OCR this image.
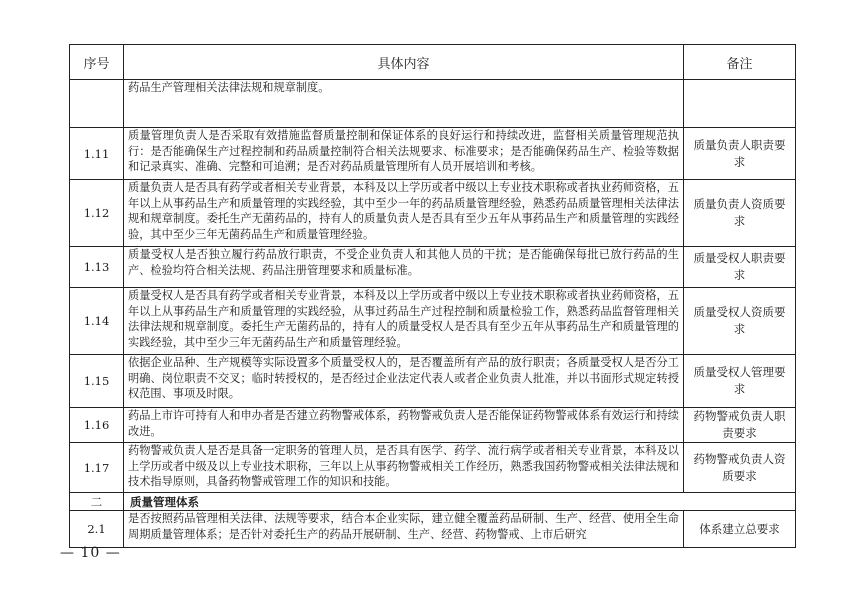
序号	具体内容	备注
	药品生产管理相关法律法规和规章制度。	
1.11	质量管理负责人是否采取有效措施监督质量控制和保证体系的良好运行和持续改进，监督相关质量管理规范执行：是否能确保生产过程控制和药品质量控制符合相关法规要求、标准要求；是否能确保药品生产、检验等数据和记录真实、准确、完整和可追溯；是否对药品质量管理所有人员开展培训和考核。	质量负责人职责要求
1.12	质量负责人是否具有药学或者相关专业背景，本科及以上学历或者中级以上专业技术职称或者执业药师资格，五年以上从事药品生产和质量管理的实践经验，其中至少一年的药品质量管理经验，熟悉药品质量管理相关法律法规和规章制度。委托生产无菌药品的，持有人的质量负责人是否具有至少五年从事药品生产和质量管理的实践经验，其中至少三年无菌药品生产和质量管理经验。	质量负责人资质要求
1.13	质量受权人是否独立履行药品放行职责，不受企业负责人和其他人员的干扰；是否能确保每批已放行药品的生产、检验均符合相关法规、药品注册管理要求和质量标准。	质量受权人职责要求
1.14	质量受权人是否具有药学或者相关专业背景，本科及以上学历或者中级以上专业技术职称或者执业药师资格，五年以上从事药品生产和质量管理的实践经验，从事过药品生产过程控制和质量检验工作，熟悉药品监督管理相关法律法规和规章制度。委托生产无菌药品的，持有人的质量受权人是否具有至少五年从事药品生产和质量管理的实践经验，其中至少三年无菌药品生产和质量管理经验。	质量受权人资质要求
1.15	依据企业品种、生产规模等实际设置多个质量受权人的，是否覆盖所有产品的放行职责；各质量受权人是否分工明确、岗位职责不交叉；临时转授权的，是否经过企业法定代表人或者企业负责人批准，并以书面形式规定转授权范围、事项及时限。	质量受权人管理要求
1.16	药品上市许可持有人和申办者是否建立药物警戒体系，药物警戒负责人是否能保证药物警戒体系有效运行和持续改进。	药物警戒负责人职责要求
1.17	药物警戒负责人是否是具备一定职务的管理人员，是否具有医学、药学、流行病学或者相关专业背景，本科及以上学历或者中级及以上专业技术职称，三年以上从事药物警戒相关工作经历，熟悉我国药物警戒相关法律法规和技术指导原则，具备药物警戒管理工作的知识和技能。	药物警戒负责人资质要求
二	质量管理体系	
2.1	是否按照药品管理相关法律、法规等要求，结合本企业实际，建立健全覆盖药品研制、生产、经营、使用全生命周期质量管理体系；是否针对委托生产的药品开展研制、生产、经营、药物警戒、上市后研究	体系建立总要求
— 10 —
